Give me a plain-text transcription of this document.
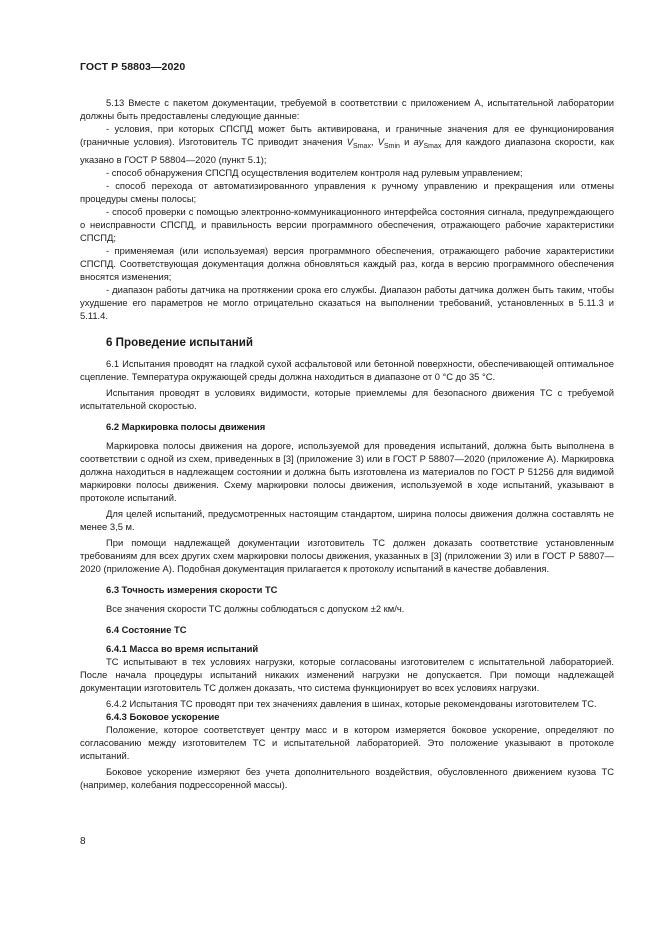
ГОСТ Р 58803—2020

5.13 Вместе с пакетом документации, требуемой в соответствии с приложением А, испытательной лаборатории должны быть предоставлены следующие данные:

- условия, при которых СПСПД может быть активирована, и граничные значения для ее функционирования (граничные условия). Изготовитель ТС приводит значения $V_{Smax}$, $V_{Smin}$ и $ay_{Smax}$ для каждого диапазона скорости, как указано в ГОСТ Р 58804—2020 (пункт 5.1);

- способ обнаружения СПСПД осуществления водителем контроля над рулевым управлением;

- способ перехода от автоматизированного управления к ручному управлению и прекращения или отмены процедуры смены полосы;

- способ проверки с помощью электронно-коммуникационного интерфейса состояния сигнала, предупреждающего о неисправности СПСПД, и правильность версии программного обеспечения, отражающего рабочие характеристики СПСПД;

- применяемая (или используемая) версия программного обеспечения, отражающего рабочие характеристики СПСПД. Соответствующая документация должна обновляться каждый раз, когда в версию программного обеспечения вносятся изменения;

- диапазон работы датчика на протяжении срока его службы. Диапазон работы датчика должен быть таким, чтобы ухудшение его параметров не могло отрицательно сказаться на выполнении требований, установленных в 5.11.3 и 5.11.4.

6 Проведение испытаний

6.1 Испытания проводят на гладкой сухой асфальтовой или бетонной поверхности, обеспечивающей оптимальное сцепление. Температура окружающей среды должна находиться в диапазоне от 0 °С до 35 °С.

Испытания проводят в условиях видимости, которые приемлемы для безопасного движения ТС с требуемой испытательной скоростью.

6.2 Маркировка полосы движения

Маркировка полосы движения на дороге, используемой для проведения испытаний, должна быть выполнена в соответствии с одной из схем, приведенных в [3] (приложение 3) или в ГОСТ Р 58807—2020 (приложение А). Маркировка должна находиться в надлежащем состоянии и должна быть изготовлена из материалов по ГОСТ Р 51256 для видимой маркировки полосы движения. Схему маркировки полосы движения, используемой в ходе испытаний, указывают в протоколе испытаний.

Для целей испытаний, предусмотренных настоящим стандартом, ширина полосы движения должна составлять не менее 3,5 м.

При помощи надлежащей документации изготовитель ТС должен доказать соответствие установленным требованиям для всех других схем маркировки полосы движения, указанных в [3] (приложении 3) или в ГОСТ Р 58807—2020 (приложение А). Подобная документация прилагается к протоколу испытаний в качестве добавления.

6.3 Точность измерения скорости ТС

Все значения скорости ТС должны соблюдаться с допуском ±2 км/ч.

6.4 Состояние ТС

6.4.1 Масса во время испытаний

ТС испытывают в тех условиях нагрузки, которые согласованы изготовителем с испытательной лабораторией. После начала процедуры испытаний никаких изменений нагрузки не допускается. При помощи надлежащей документации изготовитель ТС должен доказать, что система функционирует во всех условиях нагрузки.

6.4.2 Испытания ТС проводят при тех значениях давления в шинах, которые рекомендованы изготовителем ТС.

6.4.3 Боковое ускорение

Положение, которое соответствует центру масс и в котором измеряется боковое ускорение, определяют по согласованию между изготовителем ТС и испытательной лабораторией. Это положение указывают в протоколе испытаний.

Боковое ускорение измеряют без учета дополнительного воздействия, обусловленного движением кузова ТС (например, колебания подрессоренной массы).

8
